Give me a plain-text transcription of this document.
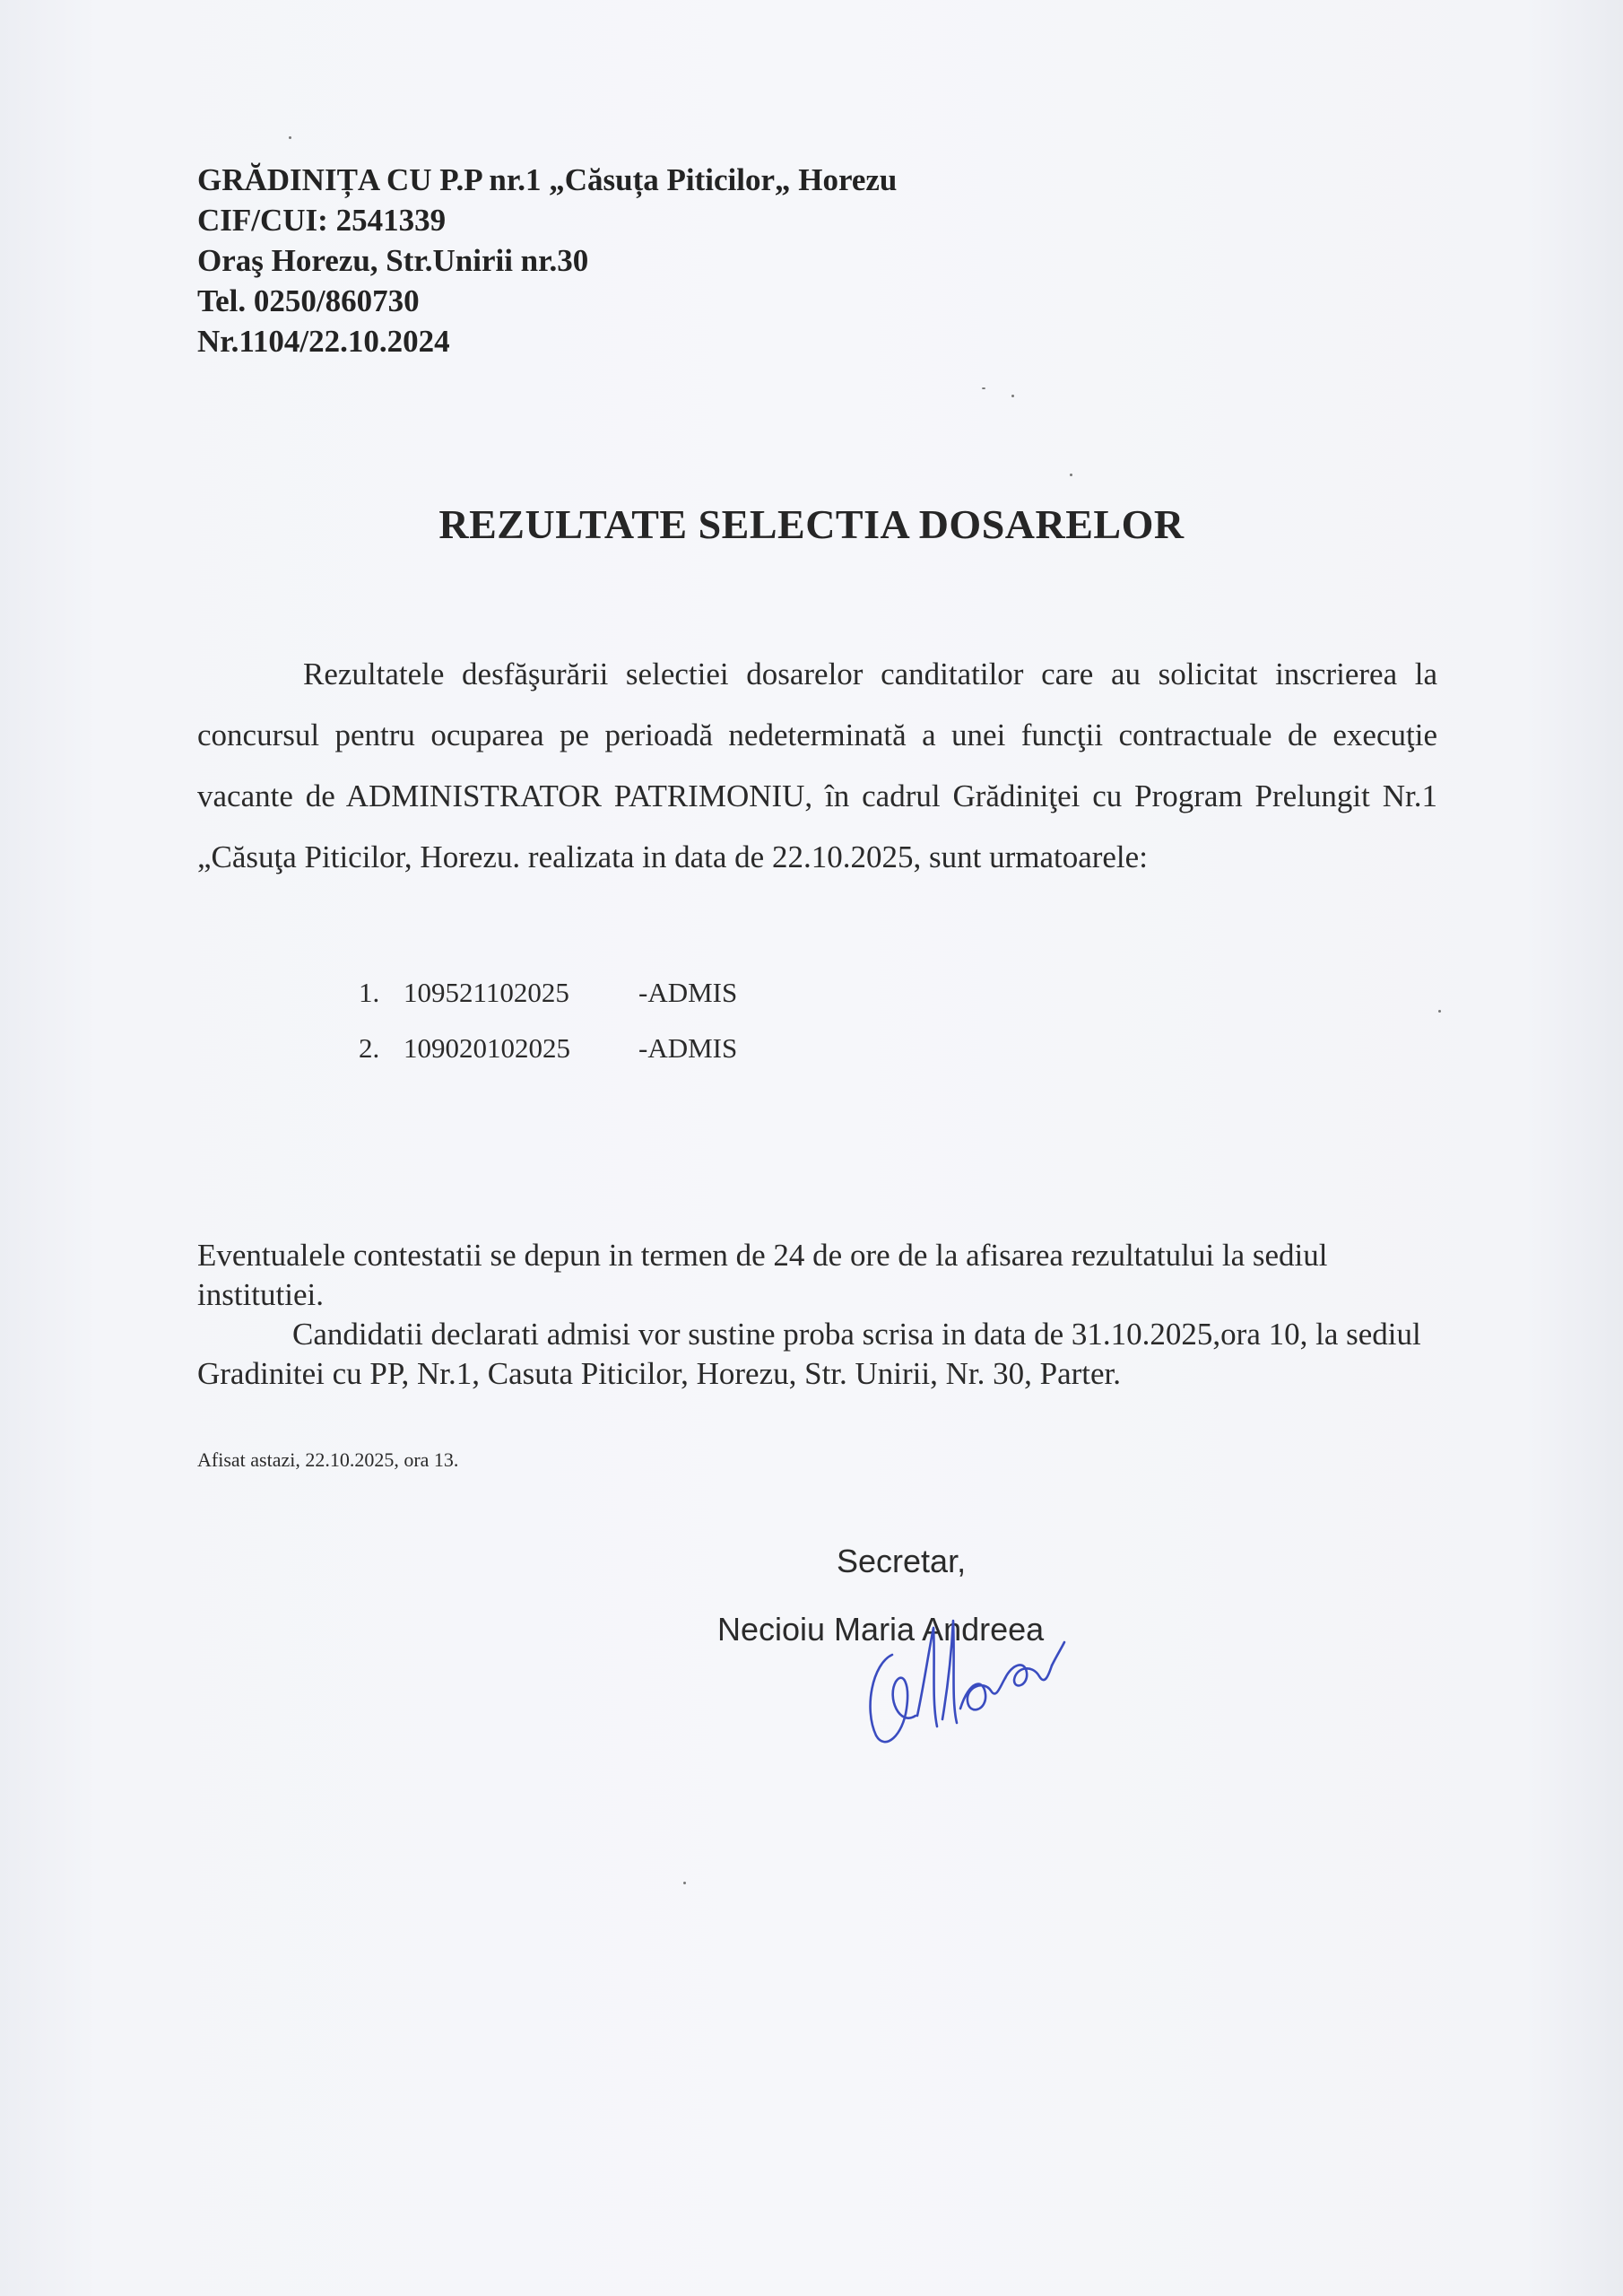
GRĂDINIȚA CU P.P nr.1 „Căsuța Piticilor„ Horezu
CIF/CUI: 2541339
Oraş Horezu, Str.Unirii nr.30
Tel. 0250/860730
Nr.1104/22.10.2024
REZULTATE SELECTIA DOSARELOR
Rezultatele desfăşurării selectiei dosarelor canditatilor care au solicitat inscrierea la concursul pentru ocuparea pe perioadă nedeterminată a unei funcţii contractuale de execuţie vacante de ADMINISTRATOR PATRIMONIU, în cadrul Grădiniţei cu Program Prelungit Nr.1 „Căsuţa Piticilor, Horezu. realizata in data de 22.10.2025, sunt urmatoarele:
1. 109521102025 -ADMIS
2. 109020102025 -ADMIS

Eventualele contestatii se depun in termen de 24 de ore de la afisarea rezultatului la sediul institutiei.

Candidatii declarati admisi vor sustine proba scrisa in data de 31.10.2025,ora 10, la sediul Gradinitei cu PP, Nr.1, Casuta Piticilor, Horezu, Str. Unirii, Nr. 30, Parter.

Afisat astazi, 22.10.2025, ora 13.
Secretar,
Necioiu Maria Andreea
